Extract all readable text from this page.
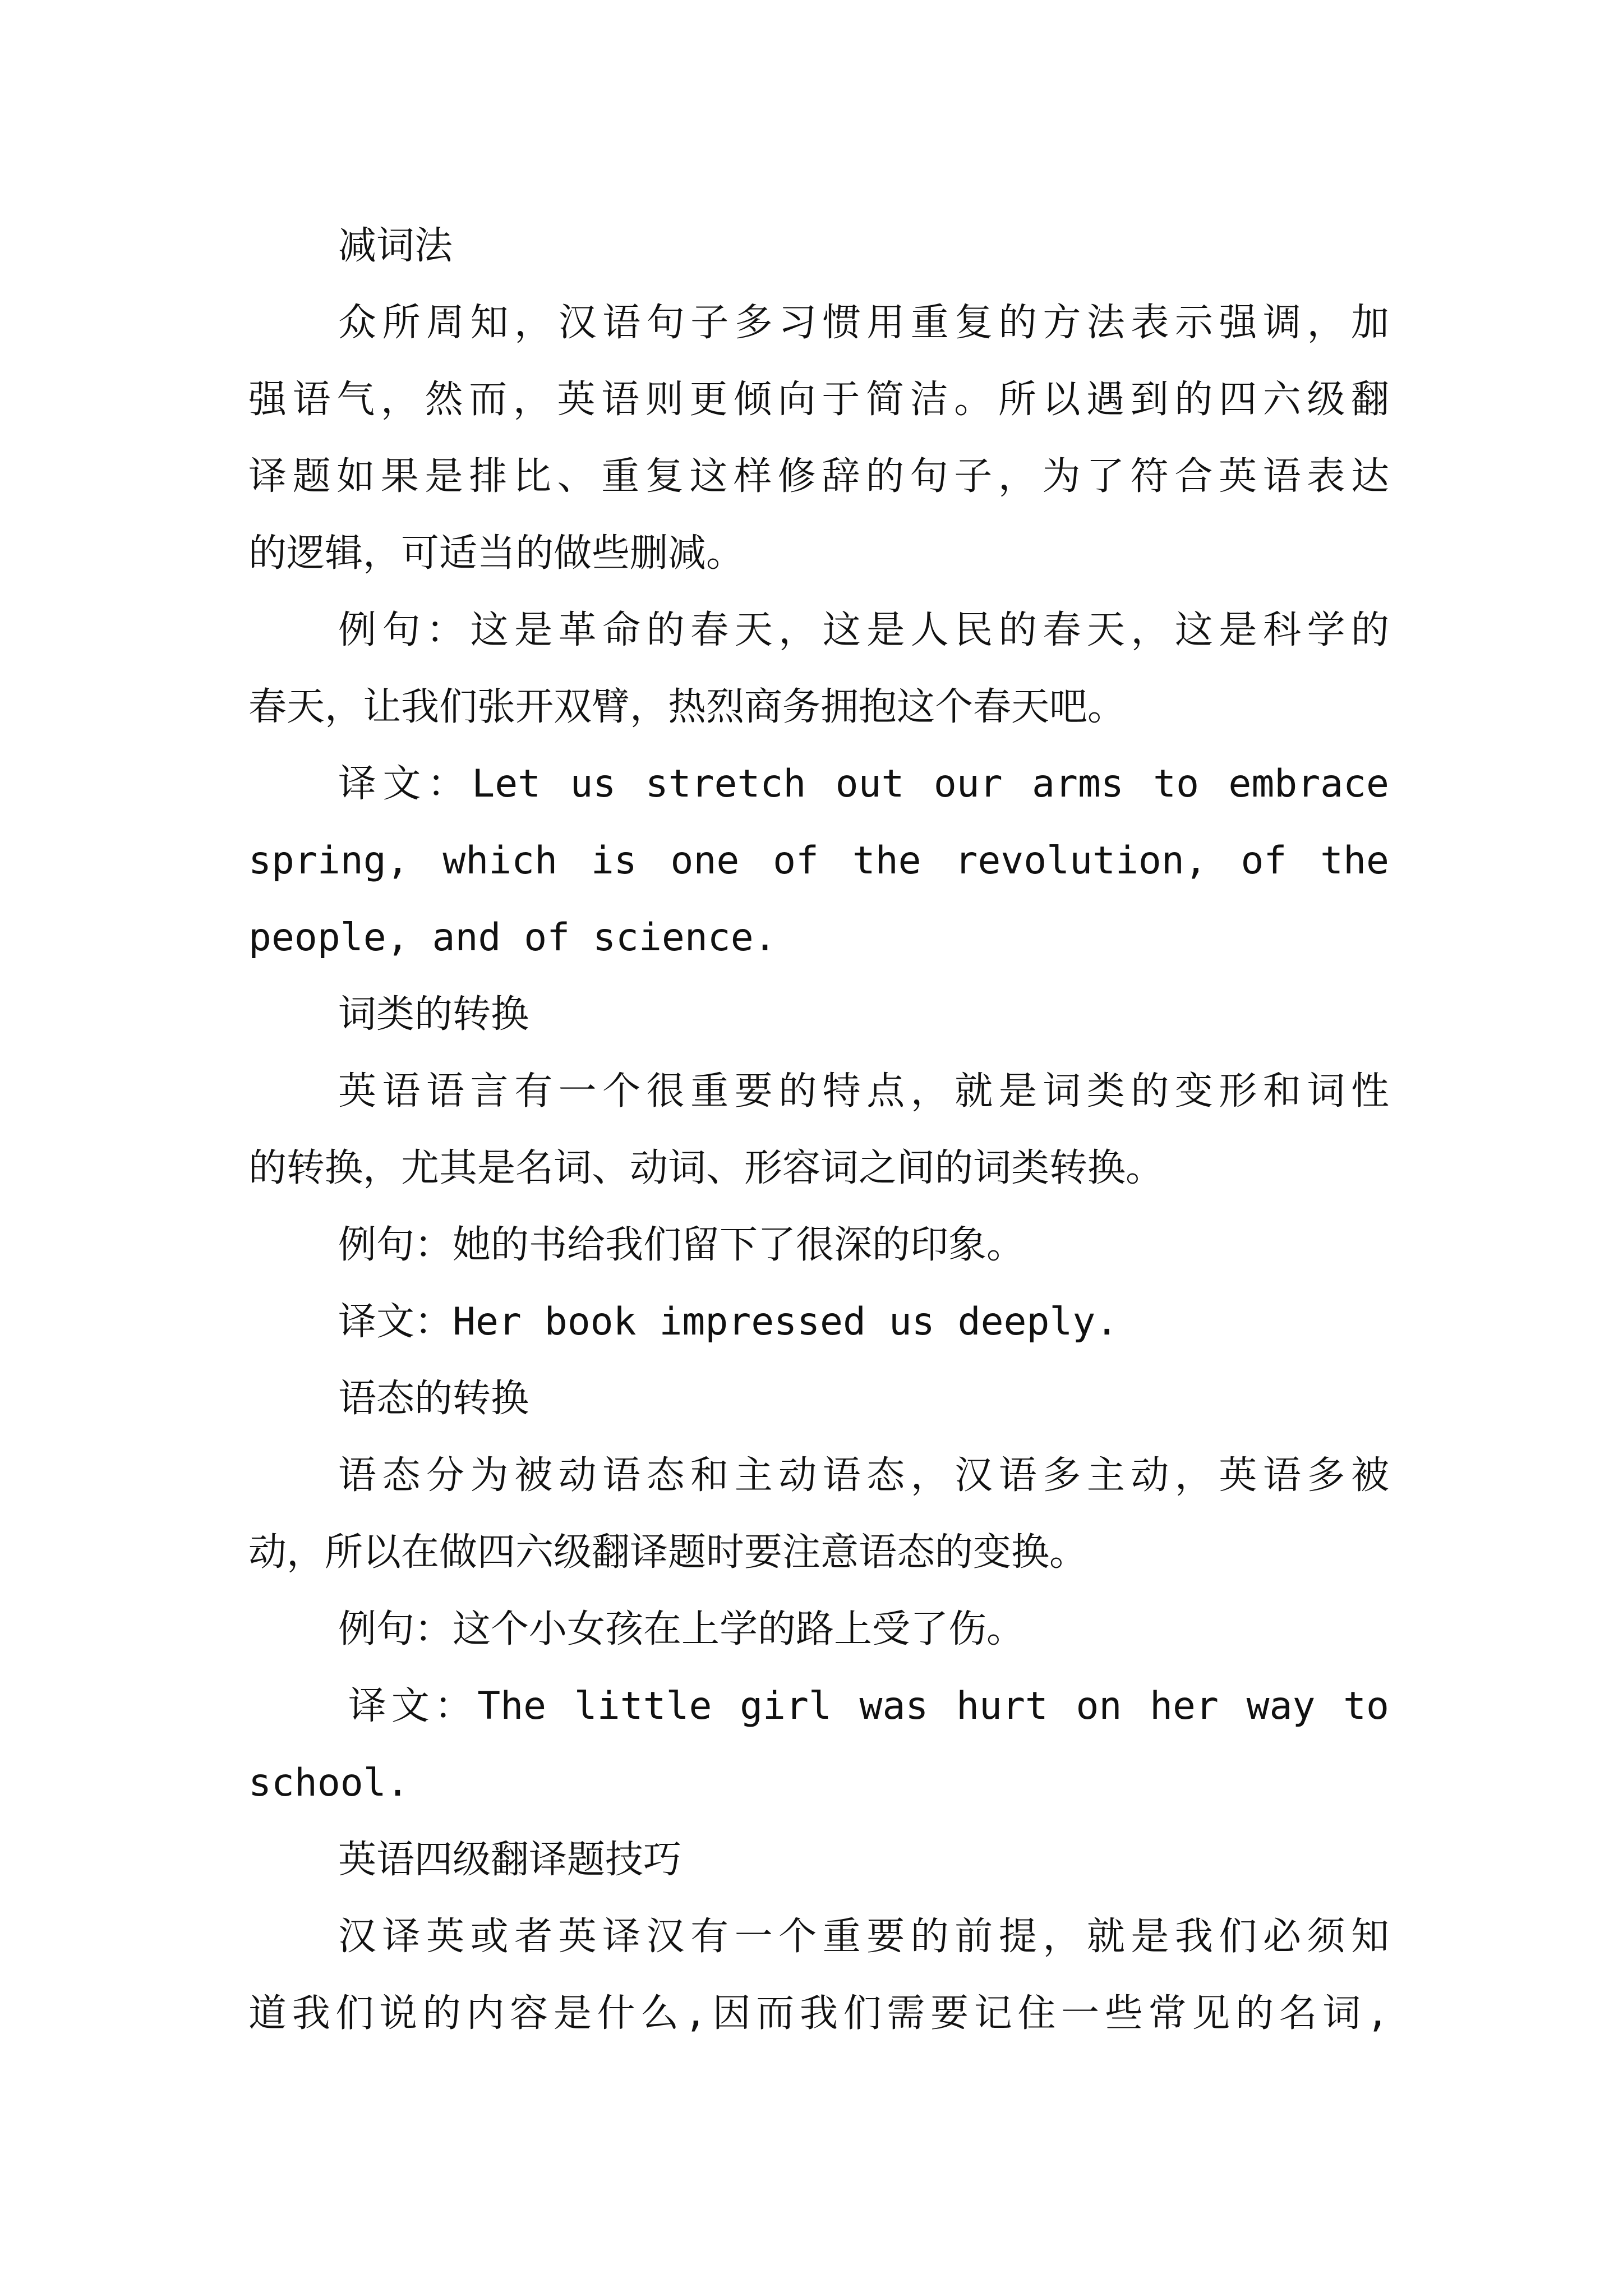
减词法
众所周知，汉语句子多习惯用重复的方法表示强调，加
强语气，然而，英语则更倾向于简洁。所以遇到的四六级翻
译题如果是排比、重复这样修辞的句子，为了符合英语表达
的逻辑，可适当的做些删减。
例句：这是革命的春天，这是人民的春天，这是科学的
春天，让我们张开双臂，热烈商务拥抱这个春天吧。
译文：Let us stretch out our arms to embrace
spring, which is one of the revolution, of the
people, and of science.
词类的转换
英语语言有一个很重要的特点，就是词类的变形和词性
的转换，尤其是名词、动词、形容词之间的词类转换。
例句：她的书给我们留下了很深的印象。
译文：Her book impressed us deeply.
语态的转换
语态分为被动语态和主动语态，汉语多主动，英语多被
动，所以在做四六级翻译题时要注意语态的变换。
例句：这个小女孩在上学的路上受了伤。
译文：The little girl was hurt on her way to
school.
英语四级翻译题技巧
汉译英或者英译汉有一个重要的前提，就是我们必须知
道我们说的内容是什么,因而我们需要记住一些常见的名词,
